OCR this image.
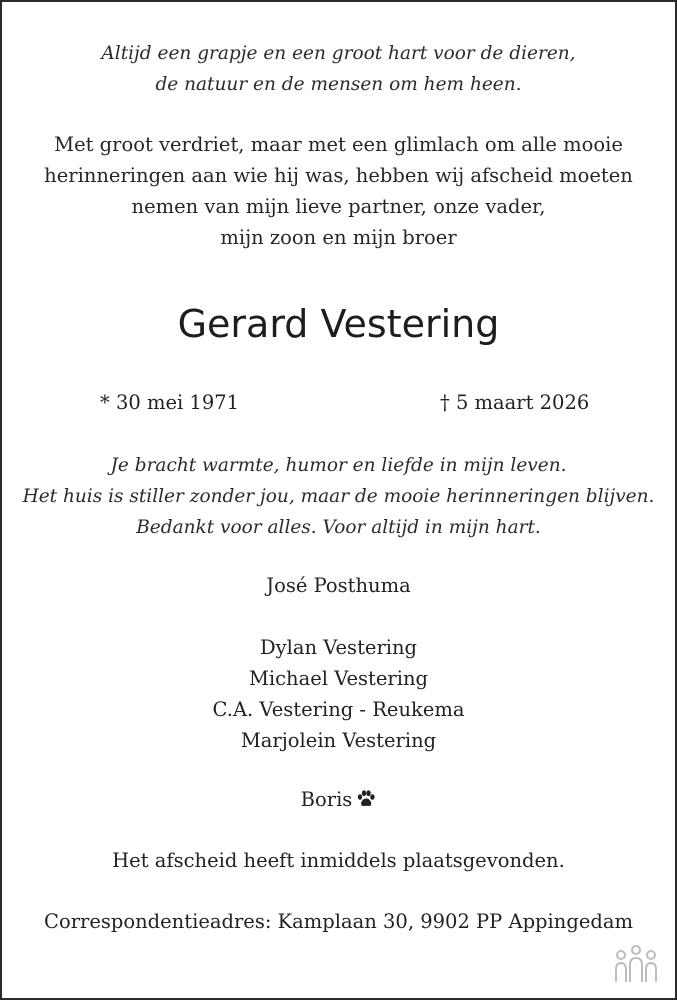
Altijd een grapje en een groot hart voor de dieren,
de natuur en de mensen om hem heen.
Met groot verdriet, maar met een glimlach om alle mooie
herinneringen aan wie hij was, hebben wij afscheid moeten
nemen van mijn lieve partner, onze vader,
mijn zoon en mijn broer
Gerard Vestering
* 30 mei 1971	† 5 maart 2026
Je bracht warmte, humor en liefde in mijn leven.
Het huis is stiller zonder jou, maar de mooie herinneringen blijven.
Bedankt voor alles. Voor altijd in mijn hart.
José Posthuma
Dylan Vestering
Michael Vestering
C.A. Vestering - Reukema
Marjolein Vestering
Boris
Het afscheid heeft inmiddels plaatsgevonden.
Correspondentieadres: Kamplaan 30, 9902 PP Appingedam
